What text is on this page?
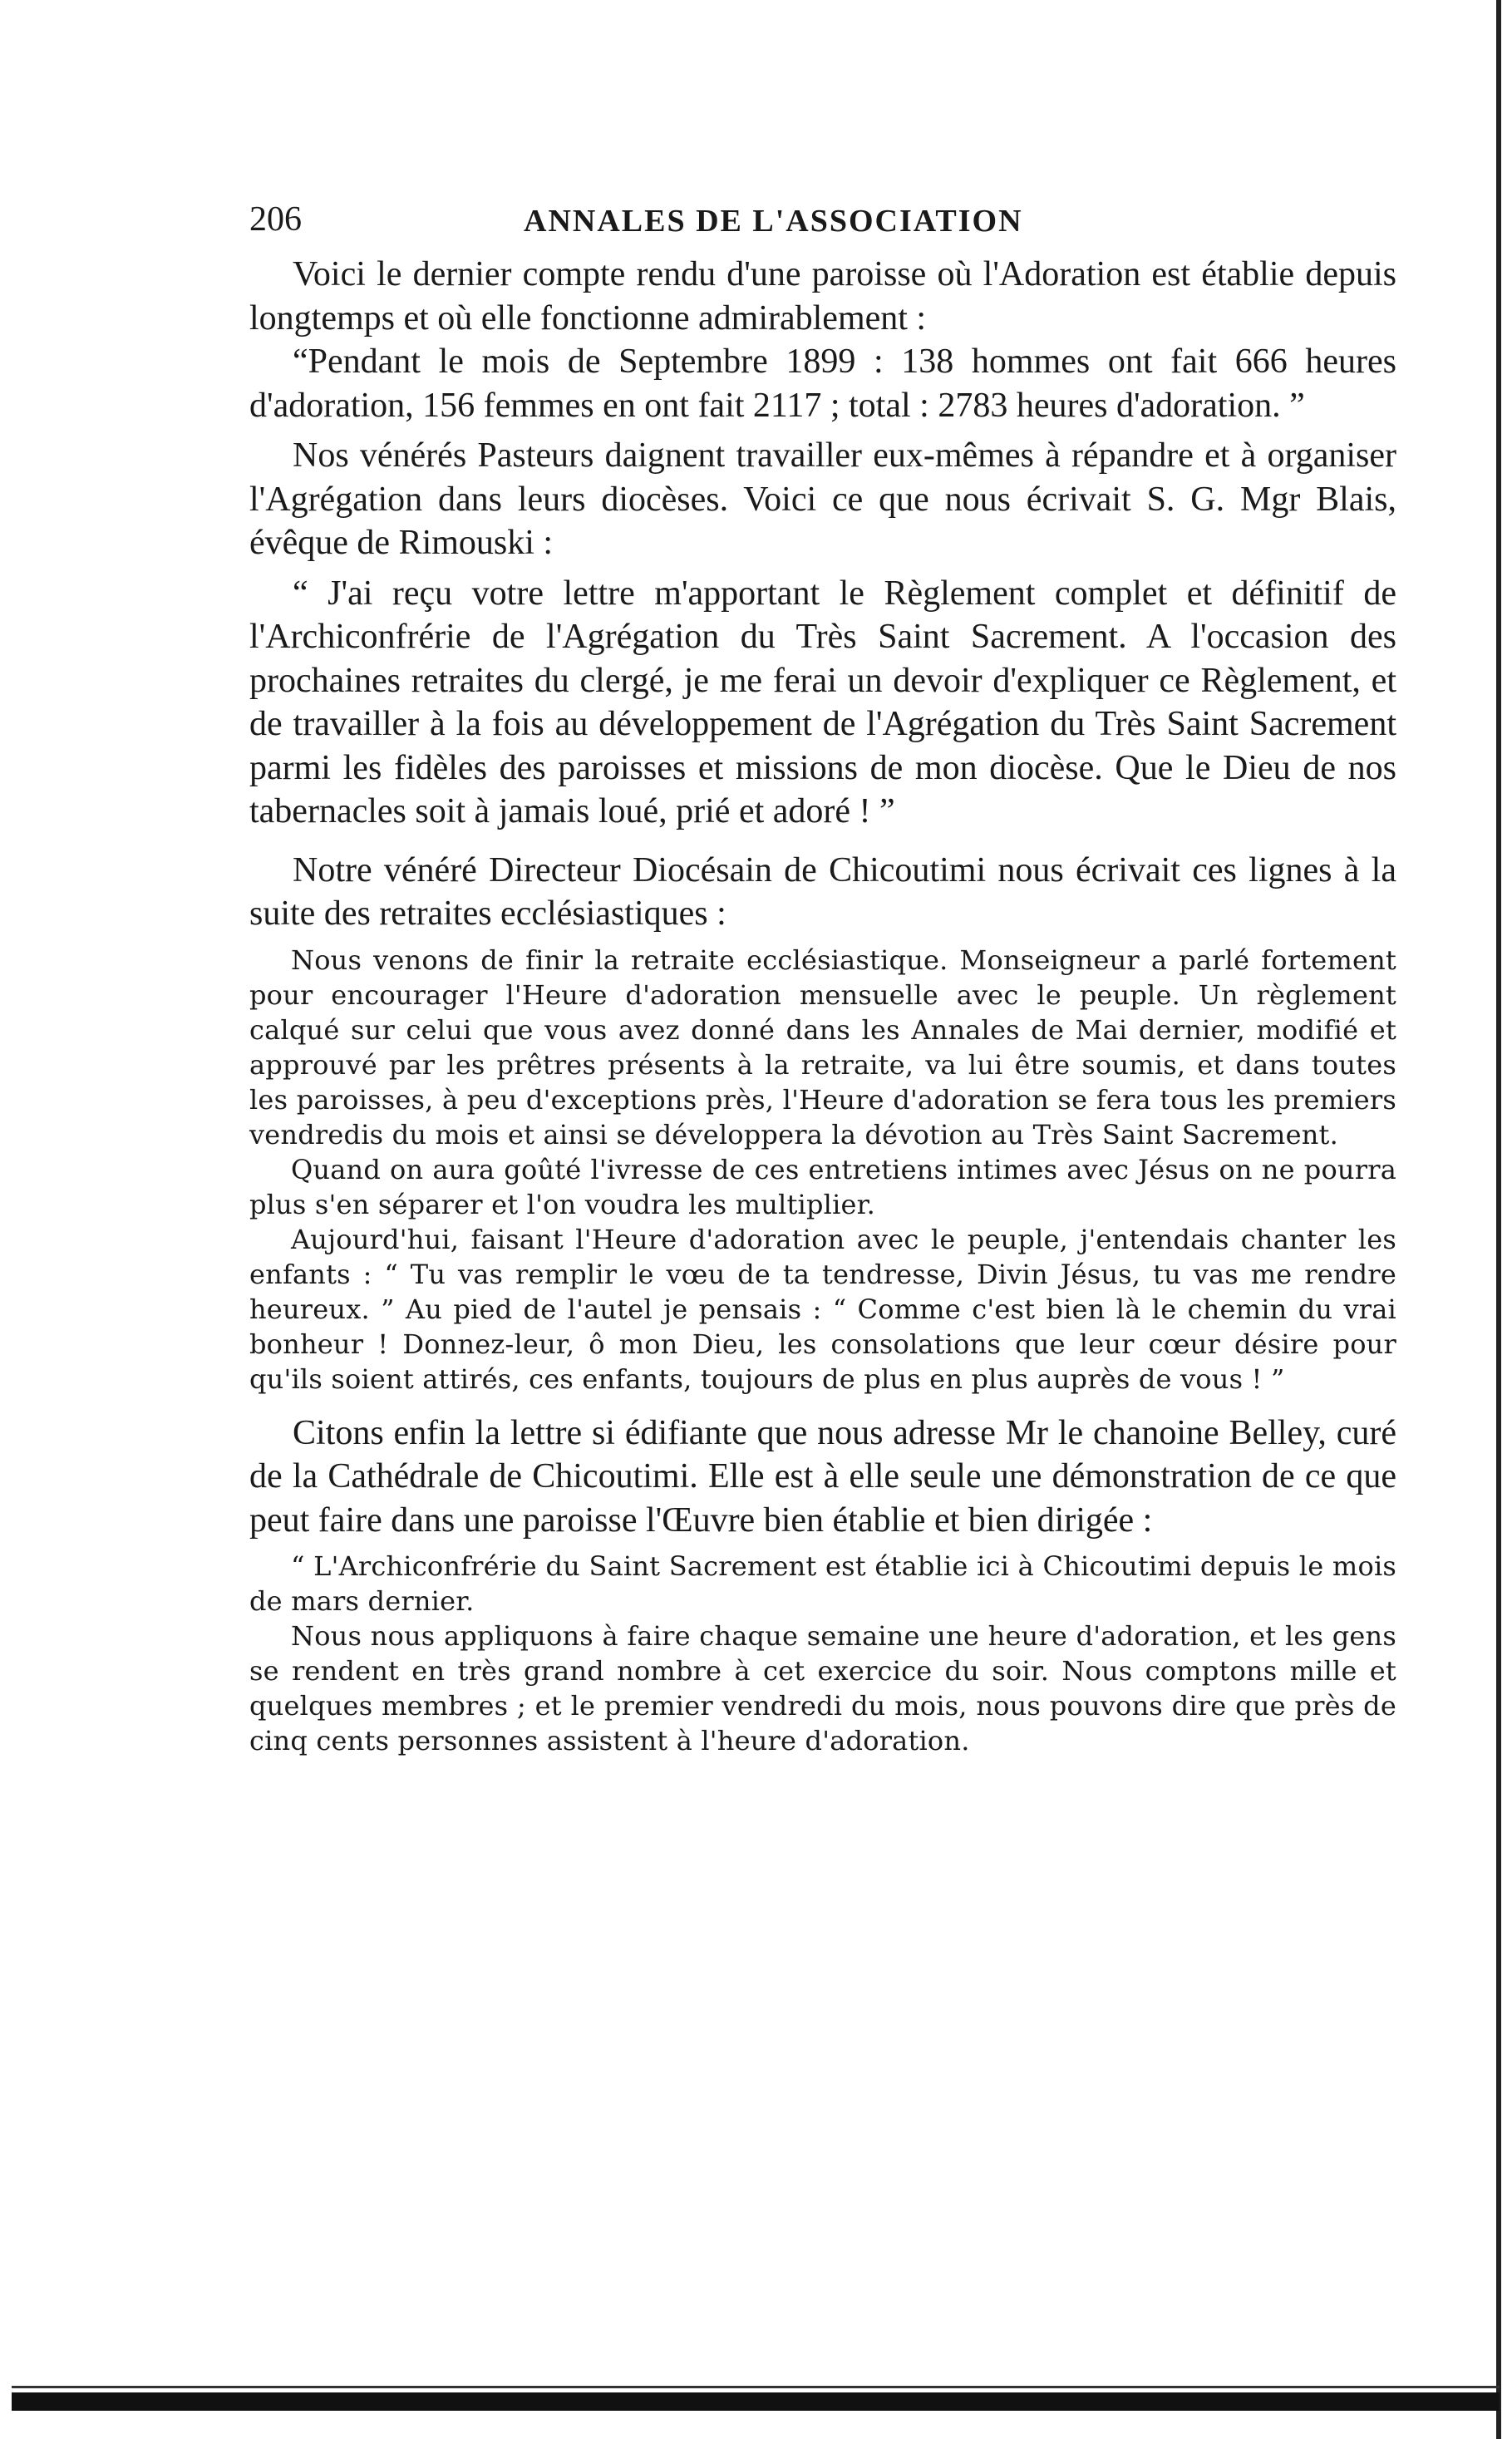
206	ANNALES DE L'ASSOCIATION

Voici le dernier compte rendu d'une paroisse où l'Adoration est établie depuis longtemps et où elle fonctionne admirablement :

“Pendant le mois de Septembre 1899 : 138 hommes ont fait 666 heures d'adoration, 156 femmes en ont fait 2117 ; total : 2783 heures d'adoration. ”

Nos vénérés Pasteurs daignent travailler eux-mêmes à répandre et à organiser l'Agrégation dans leurs diocèses. Voici ce que nous écrivait S. G. Mgr Blais, évêque de Rimouski :

“ J'ai reçu votre lettre m'apportant le Règlement complet et définitif de l'Archiconfrérie de l'Agrégation du Très Saint Sacrement. A l'occasion des prochaines retraites du clergé, je me ferai un devoir d'expliquer ce Règlement, et de travailler à la fois au développement de l'Agrégation du Très Saint Sacrement parmi les fidèles des paroisses et missions de mon diocèse. Que le Dieu de nos tabernacles soit à jamais loué, prié et adoré ! ”

Notre vénéré Directeur Diocésain de Chicoutimi nous écrivait ces lignes à la suite des retraites ecclésiastiques :

Nous venons de finir la retraite ecclésiastique. Monseigneur a parlé fortement pour encourager l'Heure d'adoration mensuelle avec le peuple. Un règlement calqué sur celui que vous avez donné dans les Annales de Mai dernier, modifié et approuvé par les prêtres présents à la retraite, va lui être soumis, et dans toutes les paroisses, à peu d'exceptions près, l'Heure d'adoration se fera tous les premiers vendredis du mois et ainsi se développera la dévotion au Très Saint Sacrement.

Quand on aura goûté l'ivresse de ces entretiens intimes avec Jésus on ne pourra plus s'en séparer et l'on voudra les multiplier.

Aujourd'hui, faisant l'Heure d'adoration avec le peuple, j'entendais chanter les enfants : “ Tu vas remplir le vœu de ta tendresse, Divin Jésus, tu vas me rendre heureux. ” Au pied de l'autel je pensais : “ Comme c'est bien là le chemin du vrai bonheur ! Donnez-leur, ô mon Dieu, les consolations que leur cœur désire pour qu'ils soient attirés, ces enfants, toujours de plus en plus auprès de vous ! ”

Citons enfin la lettre si édifiante que nous adresse Mr le chanoine Belley, curé de la Cathédrale de Chicoutimi. Elle est à elle seule une démonstration de ce que peut faire dans une paroisse l'Œuvre bien établie et bien dirigée :

“ L'Archiconfrérie du Saint Sacrement est établie ici à Chicoutimi depuis le mois de mars dernier.

Nous nous appliquons à faire chaque semaine une heure d'adoration, et les gens se rendent en très grand nombre à cet exercice du soir. Nous comptons mille et quelques membres ; et le premier vendredi du mois, nous pouvons dire que près de cinq cents personnes assistent à l'heure d'adoration.
